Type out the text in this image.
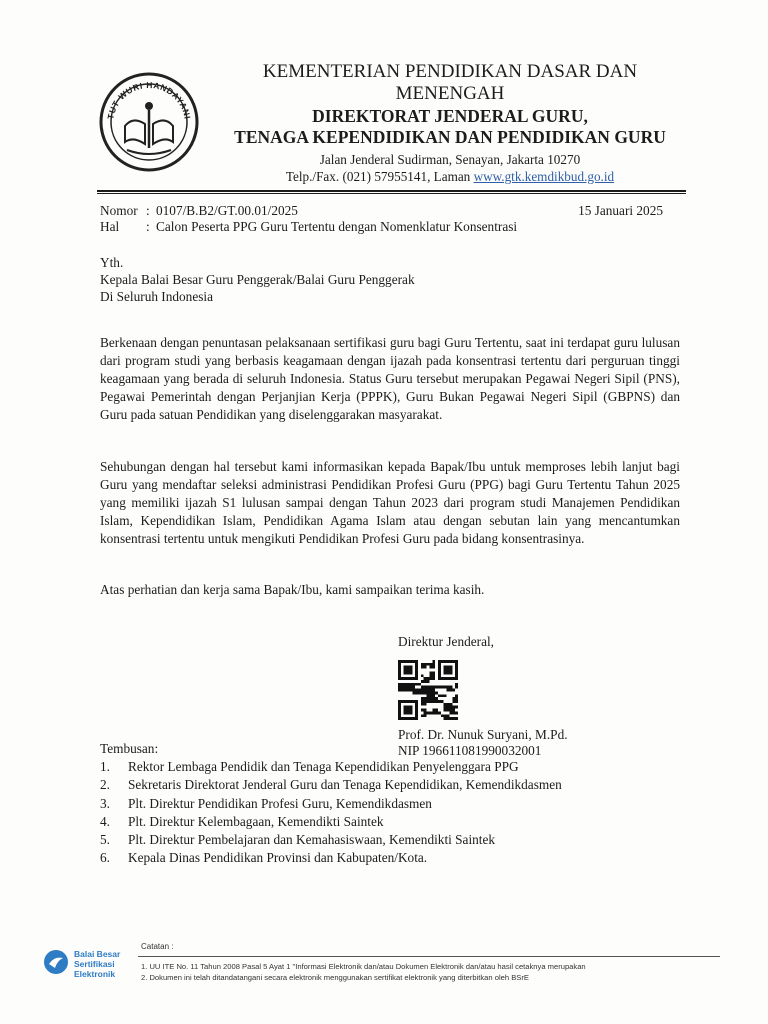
TUT WURI HANDAYANI
KEMENTERIAN PENDIDIKAN DASAR DAN
MENENGAH
DIREKTORAT JENDERAL GURU,
TENAGA KEPENDIDIKAN DAN PENDIDIKAN GURU
Jalan Jenderal Sudirman, Senayan, Jakarta 10270
Telp./Fax. (021) 57955141, Laman www.gtk.kemdikbud.go.id
Nomor : 0107/B.B2/GT.00.01/2025	15 Januari 2025
Hal : Calon Peserta PPG Guru Tertentu dengan Nomenklatur Konsentrasi
Yth.
Kepala Balai Besar Guru Penggerak/Balai Guru Penggerak
Di Seluruh Indonesia

Berkenaan dengan penuntasan pelaksanaan sertifikasi guru bagi Guru Tertentu, saat ini terdapat guru lulusan dari program studi yang berbasis keagamaan dengan ijazah pada konsentrasi tertentu dari perguruan tinggi keagamaan yang berada di seluruh Indonesia. Status Guru tersebut merupakan Pegawai Negeri Sipil (PNS), Pegawai Pemerintah dengan Perjanjian Kerja (PPPK), Guru Bukan Pegawai Negeri Sipil (GBPNS) dan Guru pada satuan Pendidikan yang diselenggarakan masyarakat.

Sehubungan dengan hal tersebut kami informasikan kepada Bapak/Ibu untuk memproses lebih lanjut bagi Guru yang mendaftar seleksi administrasi Pendidikan Profesi Guru (PPG) bagi Guru Tertentu Tahun 2025 yang memiliki ijazah S1 lulusan sampai dengan Tahun 2023 dari program studi Manajemen Pendidikan Islam, Kependidikan Islam, Pendidikan Agama Islam atau dengan sebutan lain yang mencantumkan konsentrasi tertentu untuk mengikuti Pendidikan Profesi Guru pada bidang konsentrasinya.

Atas perhatian dan kerja sama Bapak/Ibu, kami sampaikan terima kasih.

Direktur Jenderal,
Prof. Dr. Nunuk Suryani, M.Pd.
NIP 196611081990032001
Tembusan:
1.	Rektor Lembaga Pendidik dan Tenaga Kependidikan Penyelenggara PPG
2.	Sekretaris Direktorat Jenderal Guru dan Tenaga Kependidikan, Kemendikdasmen
3.	Plt. Direktur Pendidikan Profesi Guru, Kemendikdasmen
4.	Plt. Direktur Kelembagaan, Kemendikti Saintek
5.	Plt. Direktur Pembelajaran dan Kemahasiswaan, Kemendikti Saintek
6.	Kepala Dinas Pendidikan Provinsi dan Kabupaten/Kota.
Balai Besar
Sertifikasi
Elektronik
Catatan :
1. UU ITE No. 11 Tahun 2008 Pasal 5 Ayat 1 "Informasi Elektronik dan/atau Dokumen Elektronik dan/atau hasil cetaknya merupakan
2. Dokumen ini telah ditandatangani secara elektronik menggunakan sertifikat elektronik yang diterbitkan oleh BSrE
